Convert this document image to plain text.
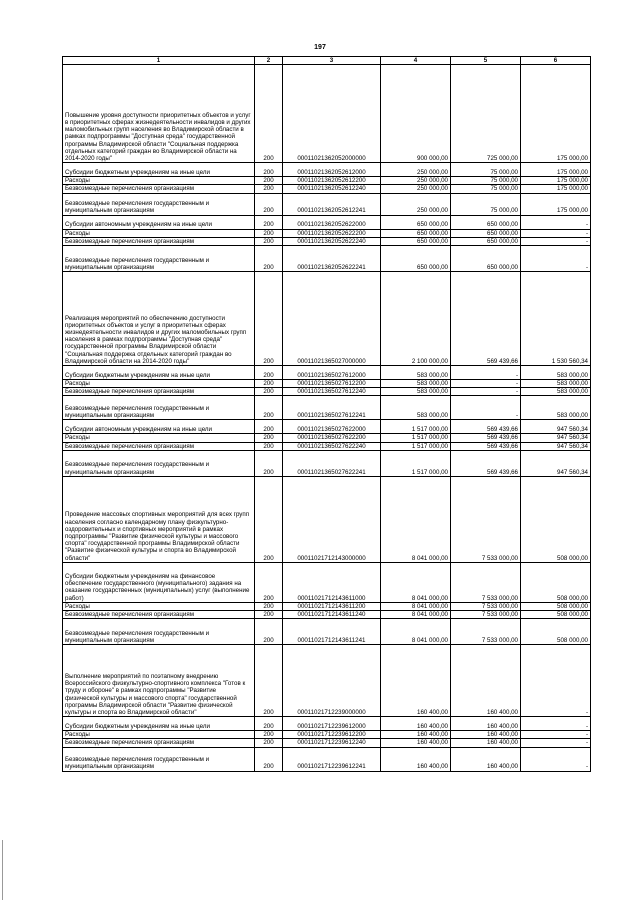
197
1	2	3	4	5	6
Повышение уровня доступности приоритетных объектов и услуг в приоритетных сферах жизнедеятельности инвалидов и других маломобильных групп населения во Владимирской области в рамках подпрограммы "Доступная среда" государственной программы Владимирской области "Социальная поддержка отдельных категорий граждан во Владимирской области на 2014-2020 годы"	200	00011021362052000000	900 000,00	725 000,00	175 000,00
Субсидии бюджетным учреждениям на иные цели	200	00011021362052612000	250 000,00	75 000,00	175 000,00
Расходы	200	00011021362052612200	250 000,00	75 000,00	175 000,00
Безвозмездные перечисления организациям	200	00011021362052612240	250 000,00	75 000,00	175 000,00
Безвозмездные перечисления государственным и муниципальным организациям	200	00011021362052612241	250 000,00	75 000,00	175 000,00
Субсидии автономным учреждениям на иные цели	200	00011021362052622000	650 000,00	650 000,00	-
Расходы	200	00011021362052622200	650 000,00	650 000,00	-
Безвозмездные перечисления организациям	200	00011021362052622240	650 000,00	650 000,00	-
Безвозмездные перечисления государственным и муниципальным организациям	200	00011021362052622241	650 000,00	650 000,00	-
Реализация мероприятий по обеспечению доступности приоритетных объектов и услуг в приоритетных сферах жизнедеятельности инвалидов и других маломобильных групп населения в рамках подпрограммы "Доступная среда" государственной программы Владимирской области "Социальная поддержка отдельных категорий граждан во Владимирской области на 2014-2020 годы"	200	00011021365027000000	2 100 000,00	569 439,66	1 530 560,34
Субсидии бюджетным учреждениям на иные цели	200	00011021365027612000	583 000,00	-	583 000,00
Расходы	200	00011021365027612200	583 000,00	-	583 000,00
Безвозмездные перечисления организациям	200	00011021365027612240	583 000,00	-	583 000,00
Безвозмездные перечисления государственным и муниципальным организациям	200	00011021365027612241	583 000,00	-	583 000,00
Субсидии автономным учреждениям на иные цели	200	00011021365027622000	1 517 000,00	569 439,66	947 560,34
Расходы	200	00011021365027622200	1 517 000,00	569 439,66	947 560,34
Безвозмездные перечисления организациям	200	00011021365027622240	1 517 000,00	569 439,66	947 560,34
Безвозмездные перечисления государственным и муниципальным организациям	200	00011021365027622241	1 517 000,00	569 439,66	947 560,34
Проведение массовых спортивных мероприятий для всех групп населения согласно календарному плану физкультурно-оздоровительных и спортивных мероприятий в рамках подпрограммы "Развитие физической культуры и массового спорта" государственной программы Владимирской области "Развитие физической культуры и спорта во Владимирской области"	200	00011021712143000000	8 041 000,00	7 533 000,00	508 000,00
Субсидии бюджетным учреждениям на финансовое обеспечение государственного (муниципального) задания на оказание государственных (муниципальных) услуг (выполнение работ)	200	00011021712143611000	8 041 000,00	7 533 000,00	508 000,00
Расходы	200	00011021712143611200	8 041 000,00	7 533 000,00	508 000,00
Безвозмездные перечисления организациям	200	00011021712143611240	8 041 000,00	7 533 000,00	508 000,00
Безвозмездные перечисления государственным и муниципальным организациям	200	00011021712143611241	8 041 000,00	7 533 000,00	508 000,00
Выполнение мероприятий по поэтапному внедрению Всероссийского физкультурно-спортивного комплекса "Готов к труду и обороне" в рамках подпрограммы "Развитие физической культуры и массового спорта" государственной программы Владимирской области "Развитие физической культуры и спорта во Владимирской области"	200	00011021712239000000	160 400,00	160 400,00	-
Субсидии бюджетным учреждениям на иные цели	200	00011021712239612000	160 400,00	160 400,00	-
Расходы	200	00011021712239612200	160 400,00	160 400,00	-
Безвозмездные перечисления организациям	200	00011021712239612240	160 400,00	160 400,00	-
Безвозмездные перечисления государственным и муниципальным организациям	200	00011021712239612241	160 400,00	160 400,00	-
